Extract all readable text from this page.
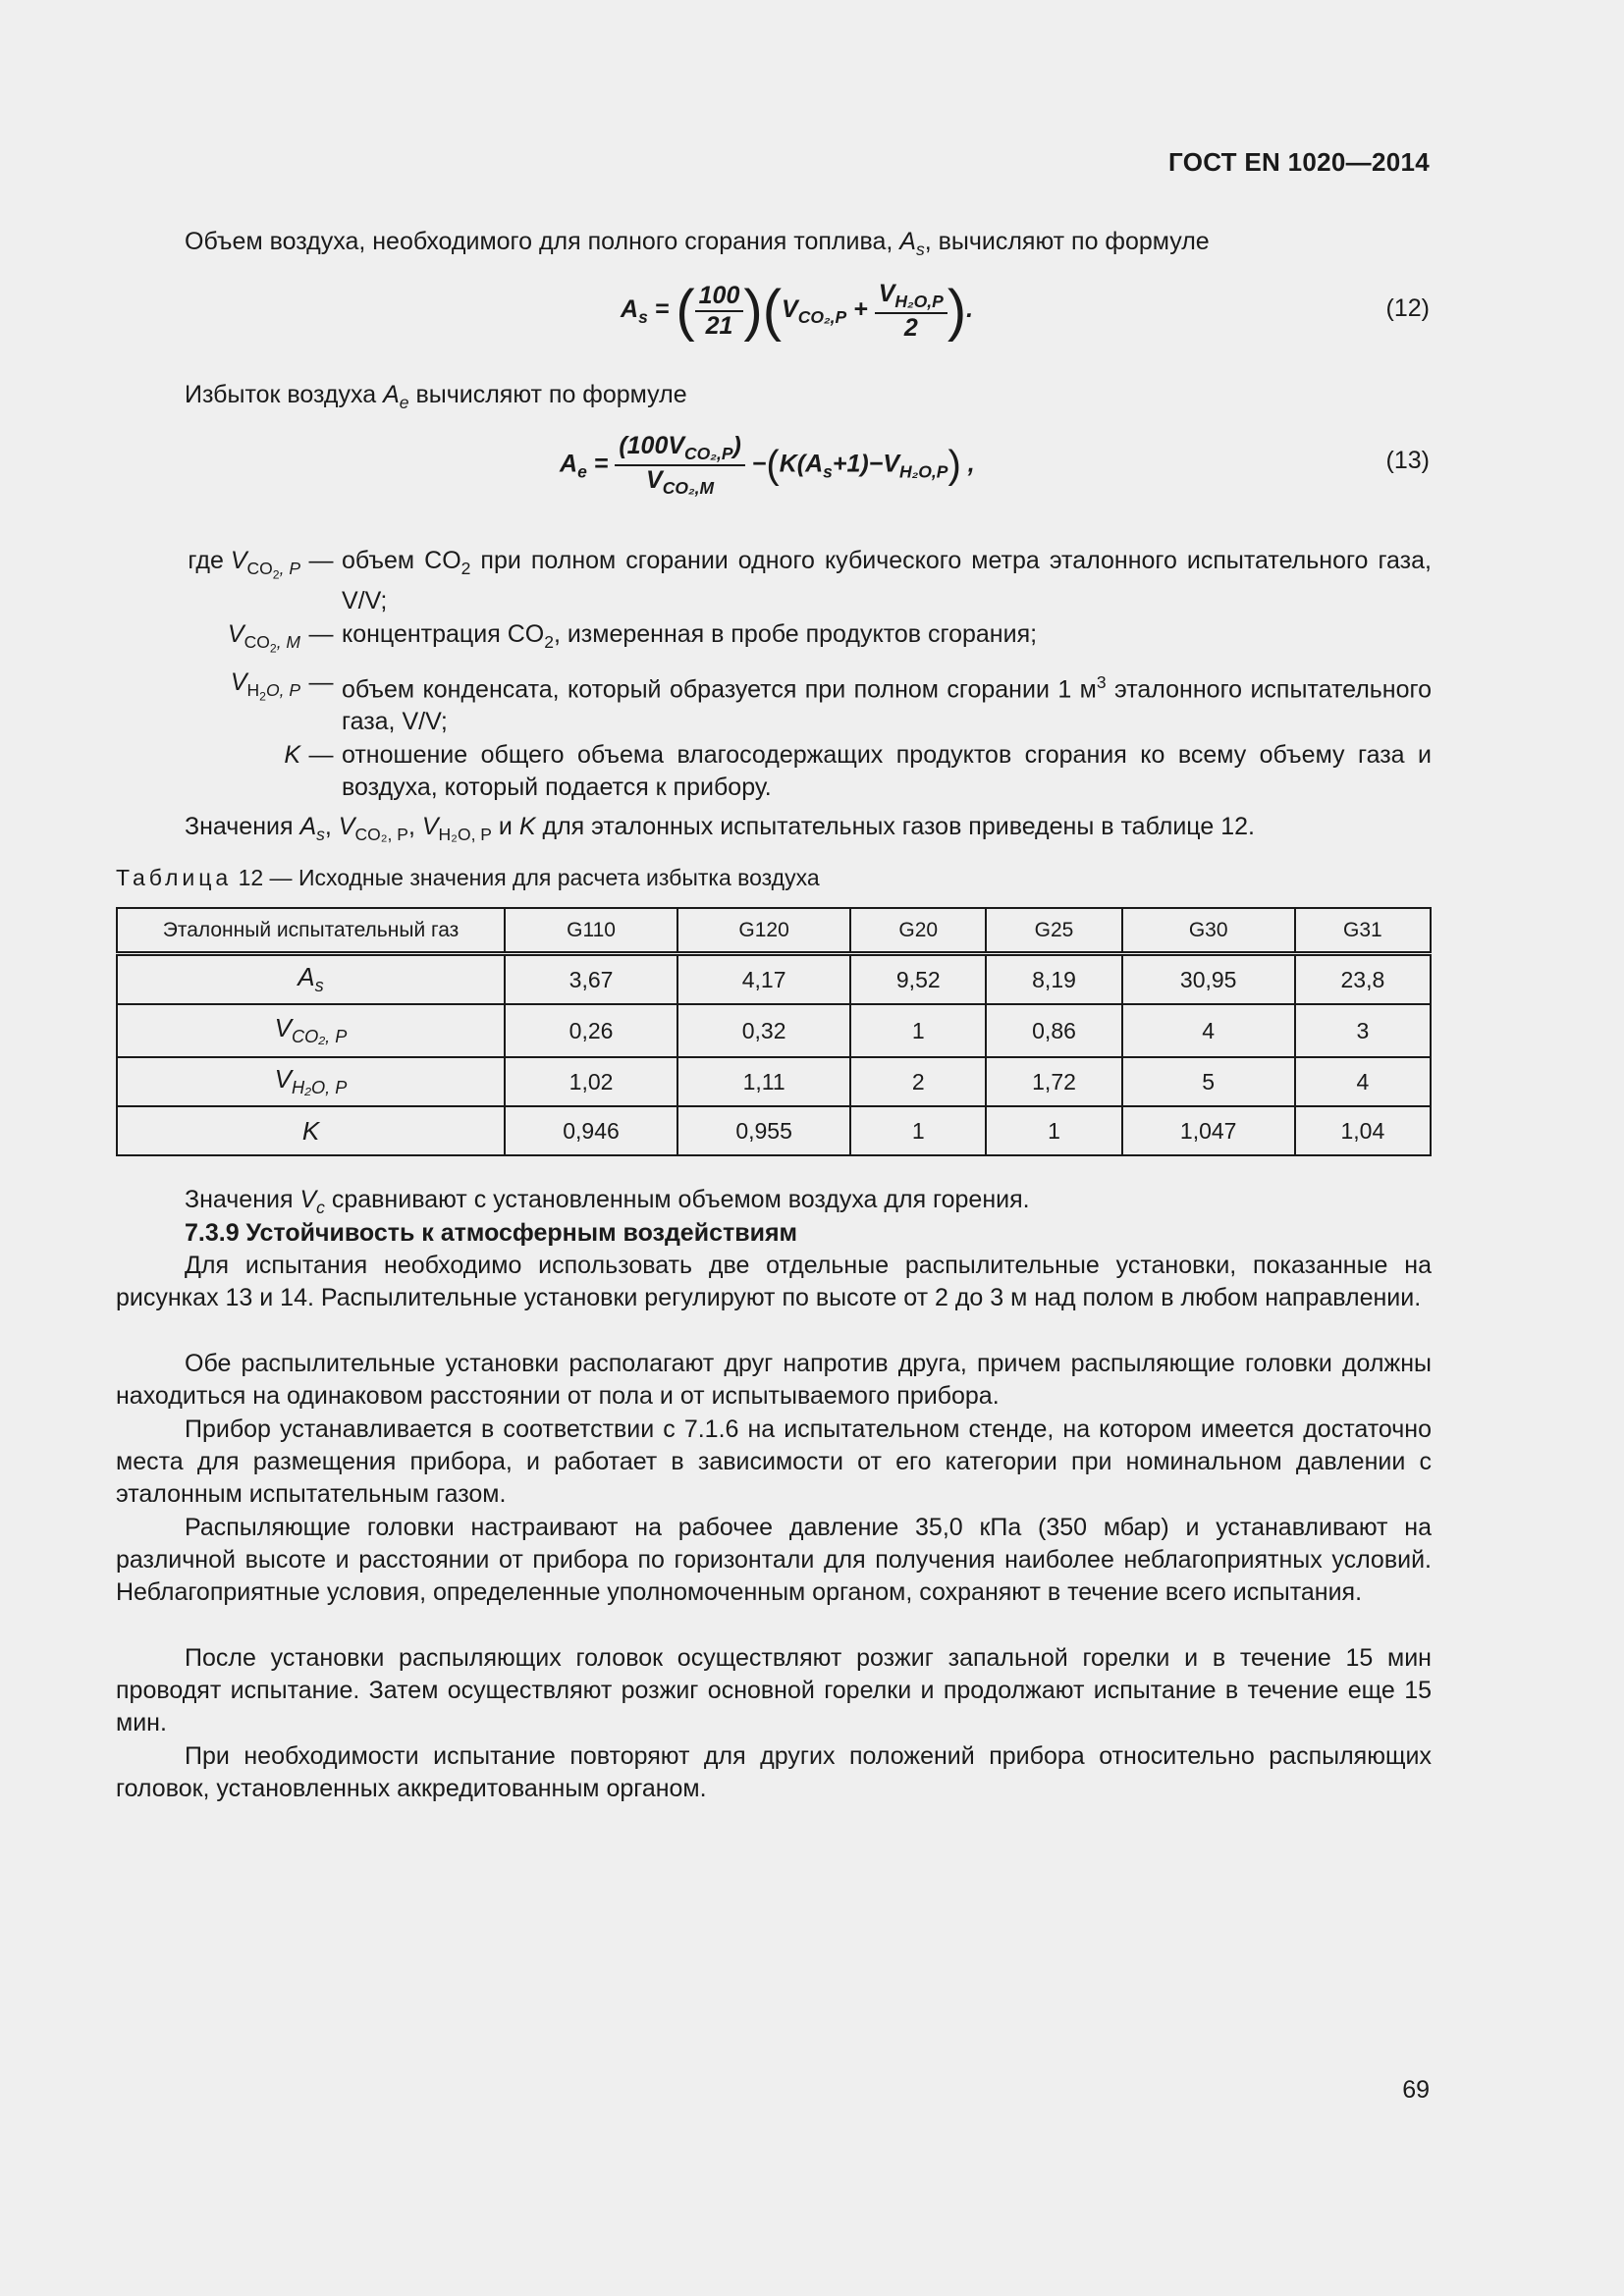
ГОСТ EN 1020—2014
Объем воздуха, необходимого для полного сгорания топлива, $A_s$, вычисляют по формуле
$A_s$ = ( $\frac{100}{21} )(V_{CO_2,P} + \frac{V_{H_2O,P}}{2}$ ).	(12)
Избыток воздуха $A_e$ вычисляют по формуле
$A_e = \frac{(100V_{CO_2,P})}{V_{CO_2,M}} -(K(A_s+1)-V_{H_2O,P})$ ,	(13)
где $V_{CO_2, P}$ — объем $CO_2$ при полном сгорании одного кубического метра эталонного испытательного газа, V/V;
$V_{CO_2, M}$ — концентрация $CO_2$, измеренная в пробе продуктов сгорания;
$V_{H_2O, P}$ — объем конденсата, который образуется при полном сгорании 1 $м^3$ эталонного испытательного газа, V/V;
K — отношение общего объема влагосодержащих продуктов сгорания ко всему объему газа и воздуха, который подается к прибору.
Значения $A_s$, $V_{CO_2, P}$, $V_{H_2O, P}$ и K для эталонных испытательных газов приведены в таблице 12.
Таблица 12 — Исходные значения для расчета избытка воздуха
Эталонный испытательный газ	G110	G120	G20	G25	G30	G31
$A_s$	3,67	4,17	9,52	8,19	30,95	23,8
$V_{CO_2, P}$	0,26	0,32	1	0,86	4	3
$V_{H_2O, P}$	1,02	1,11	2	1,72	5	4
K	0,946	0,955	1	1	1,047	1,04
Значения $V_c$ сравнивают с установленным объемом воздуха для горения.
7.3.9 Устойчивость к атмосферным воздействиям
Для испытания необходимо использовать две отдельные распылительные установки, показанные на рисунках 13 и 14. Распылительные установки регулируют по высоте от 2 до 3 м над полом в любом направлении.
Обе распылительные установки располагают друг напротив друга, причем распыляющие головки должны находиться на одинаковом расстоянии от пола и от испытываемого прибора.
Прибор устанавливается в соответствии с 7.1.6 на испытательном стенде, на котором имеется достаточно места для размещения прибора, и работает в зависимости от его категории при номинальном давлении с эталонным испытательным газом.
Распыляющие головки настраивают на рабочее давление 35,0 кПа (350 мбар) и устанавливают на различной высоте и расстоянии от прибора по горизонтали для получения наиболее неблагоприятных условий. Неблагоприятные условия, определенные уполномоченным органом, сохраняют в течение всего испытания.
После установки распыляющих головок осуществляют розжиг запальной горелки и в течение 15 мин проводят испытание. Затем осуществляют розжиг основной горелки и продолжают испытание в течение еще 15 мин.
При необходимости испытание повторяют для других положений прибора относительно распыляющих головок, установленных аккредитованным органом.
69
